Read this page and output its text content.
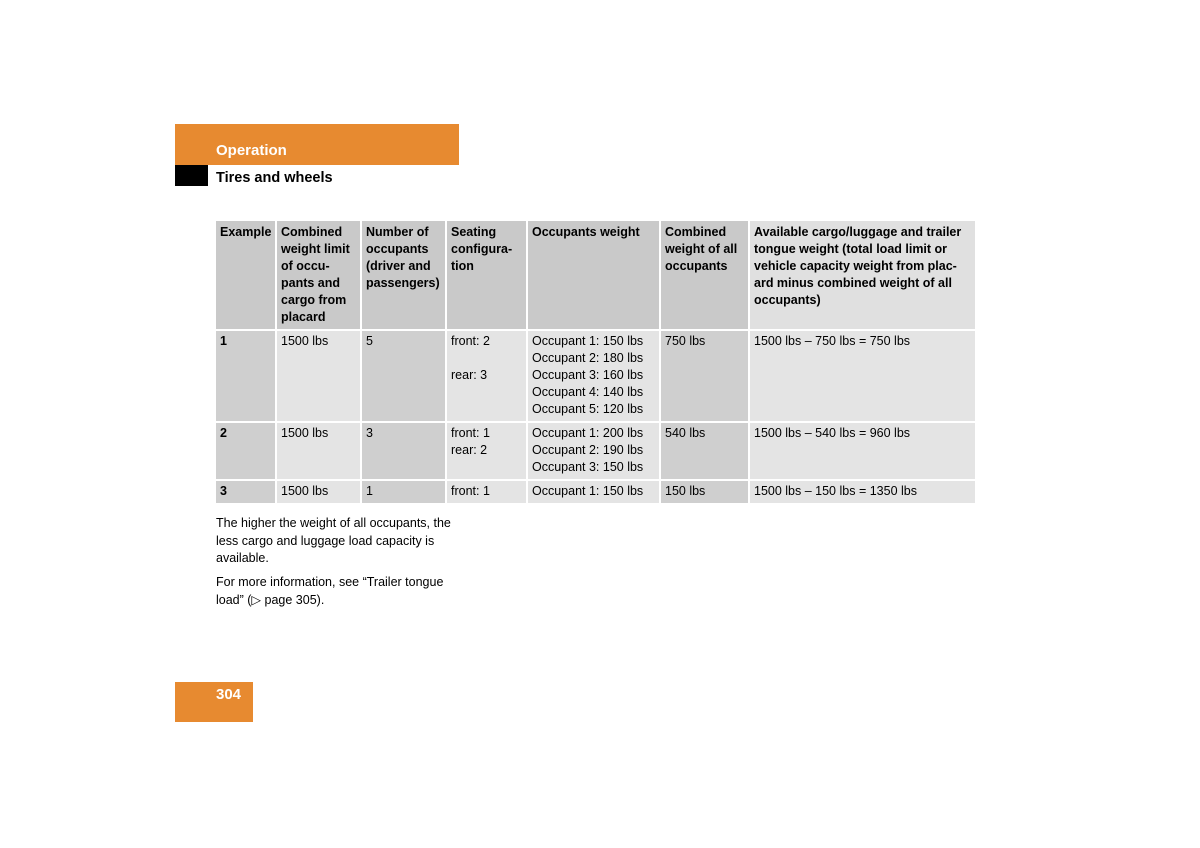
Operation
Tires and wheels
Example	Combined weight limit of occu-
pants and cargo from placard	Number of occupants (driver and passengers)	Seating configura-
tion	Occupants weight	Combined weight of all occupants	Available cargo/luggage and trailer tongue weight (total load limit or vehicle capacity weight from plac-
ard minus combined weight of all occupants)
1	1500 lbs	5	front: 2

rear: 3	Occupant 1: 150 lbs
Occupant 2: 180 lbs
Occupant 3: 160 lbs
Occupant 4: 140 lbs
Occupant 5: 120 lbs	750 lbs	1500 lbs – 750 lbs = 750 lbs
2	1500 lbs	3	front: 1
rear: 2	Occupant 1: 200 lbs
Occupant 2: 190 lbs
Occupant 3: 150 lbs	540 lbs	1500 lbs – 540 lbs = 960 lbs
3	1500 lbs	1	front: 1	Occupant 1: 150 lbs	150 lbs	1500 lbs – 150 lbs = 1350 lbs
The higher the weight of all occupants, the less cargo and luggage load capacity is available.
For more information, see “Trailer tongue load” (▷ page 305).
304
